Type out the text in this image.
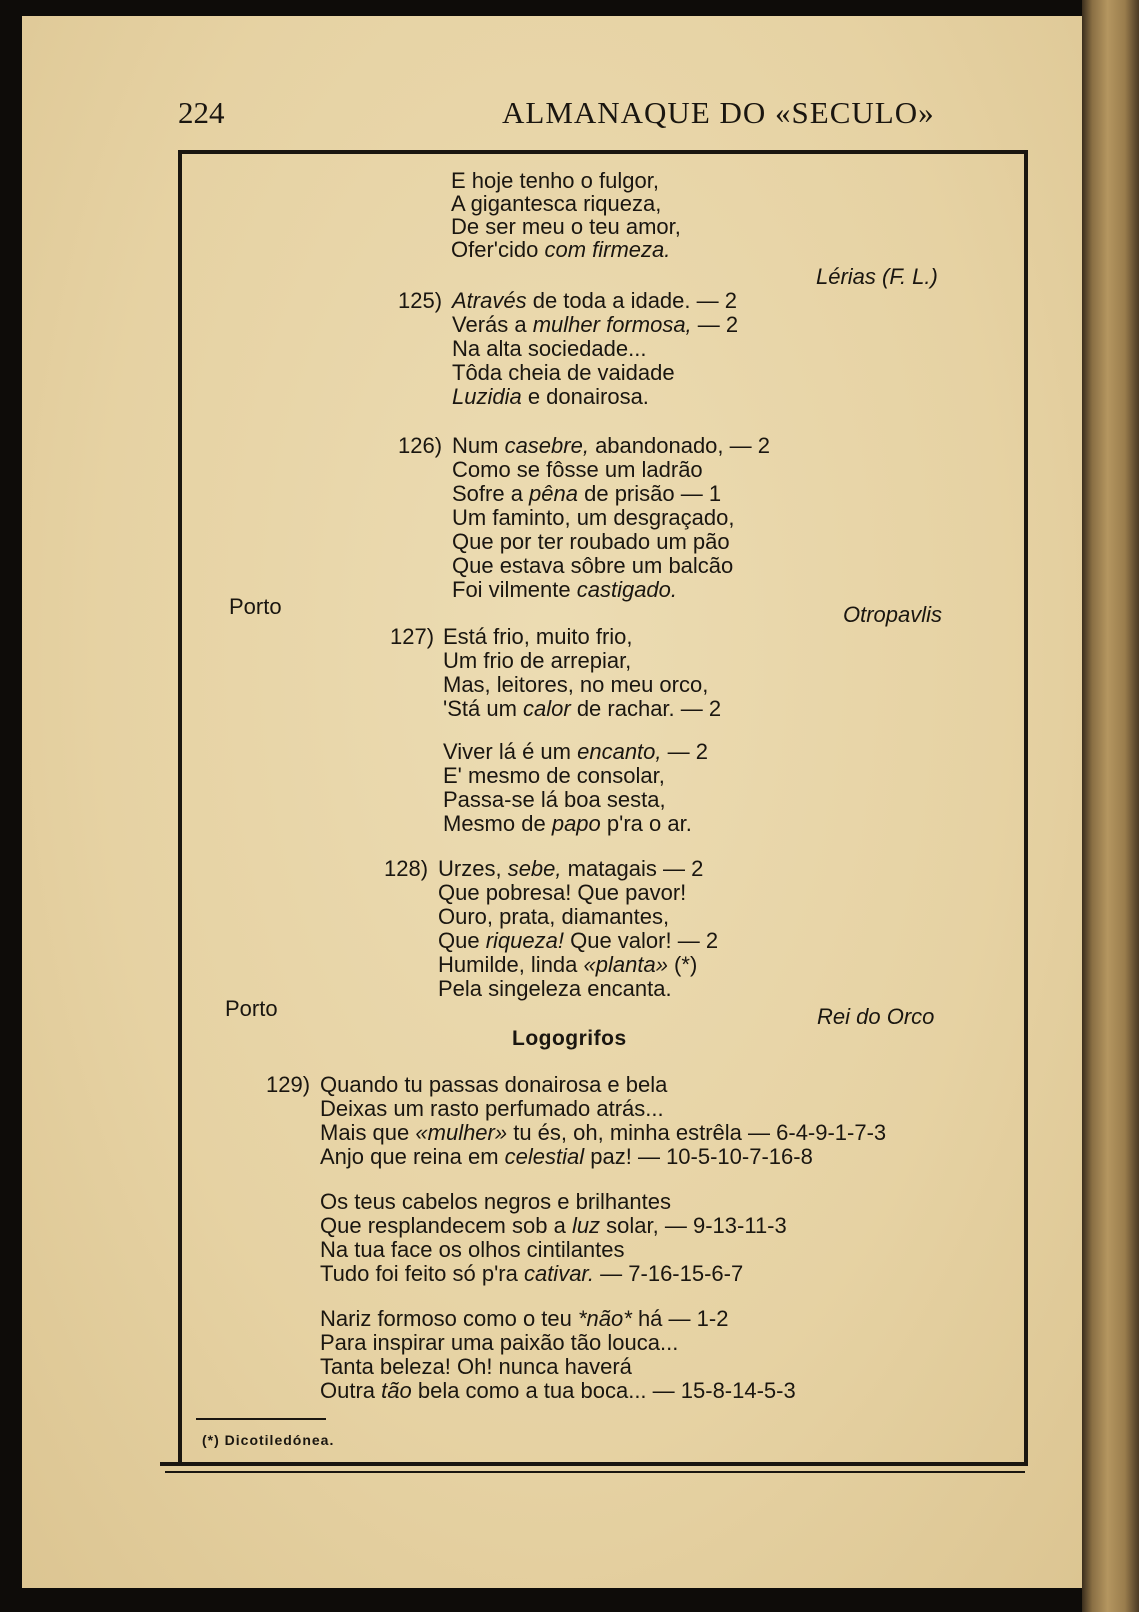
224	ALMANAQUE DO «SECULO»
E hoje tenho o fulgor,
A gigantesca riqueza,
De ser meu o teu amor,
Ofer'cido com firmeza.
Lérias (F. L.)
125) Através de toda a idade. — 2
Verás a mulher formosa, — 2
Na alta sociedade...
Tôda cheia de vaidade
Luzidia e donairosa.
126) Num casebre, abandonado, — 2
Como se fôsse um ladrão
Sofre a pêna de prisão — 1
Um faminto, um desgraçado,
Que por ter roubado um pão
Que estava sôbre um balcão
Foi vilmente castigado.
Porto	Otropavlis
127) Está frio, muito frio,
Um frio de arrepiar,
Mas, leitores, no meu orco,
'Stá um calor de rachar. — 2
Viver lá é um encanto, — 2
E' mesmo de consolar,
Passa-se lá boa sesta,
Mesmo de papo p'ra o ar.
128) Urzes, sebe, matagais — 2
Que pobresa! Que pavor!
Ouro, prata, diamantes,
Que riqueza! Que valor! — 2
Humilde, linda «planta» (*)
Pela singeleza encanta.
Porto	Rei do Orco
Logogrifos
129) Quando tu passas donairosa e bela
Deixas um rasto perfumado atrás...
Mais que «mulher» tu és, oh, minha estrêla — 6-4-9-1-7-3
Anjo que reina em celestial paz! — 10-5-10-7-16-8
Os teus cabelos negros e brilhantes
Que resplandecem sob a luz solar, — 9-13-11-3
Na tua face os olhos cintilantes
Tudo foi feito só p'ra cativar. — 7-16-15-6-7
Nariz formoso como o teu *não* há — 1-2
Para inspirar uma paixão tão louca...
Tanta beleza! Oh! nunca haverá
Outra tão bela como a tua boca... — 15-8-14-5-3
(*) Dicotiledónea.
